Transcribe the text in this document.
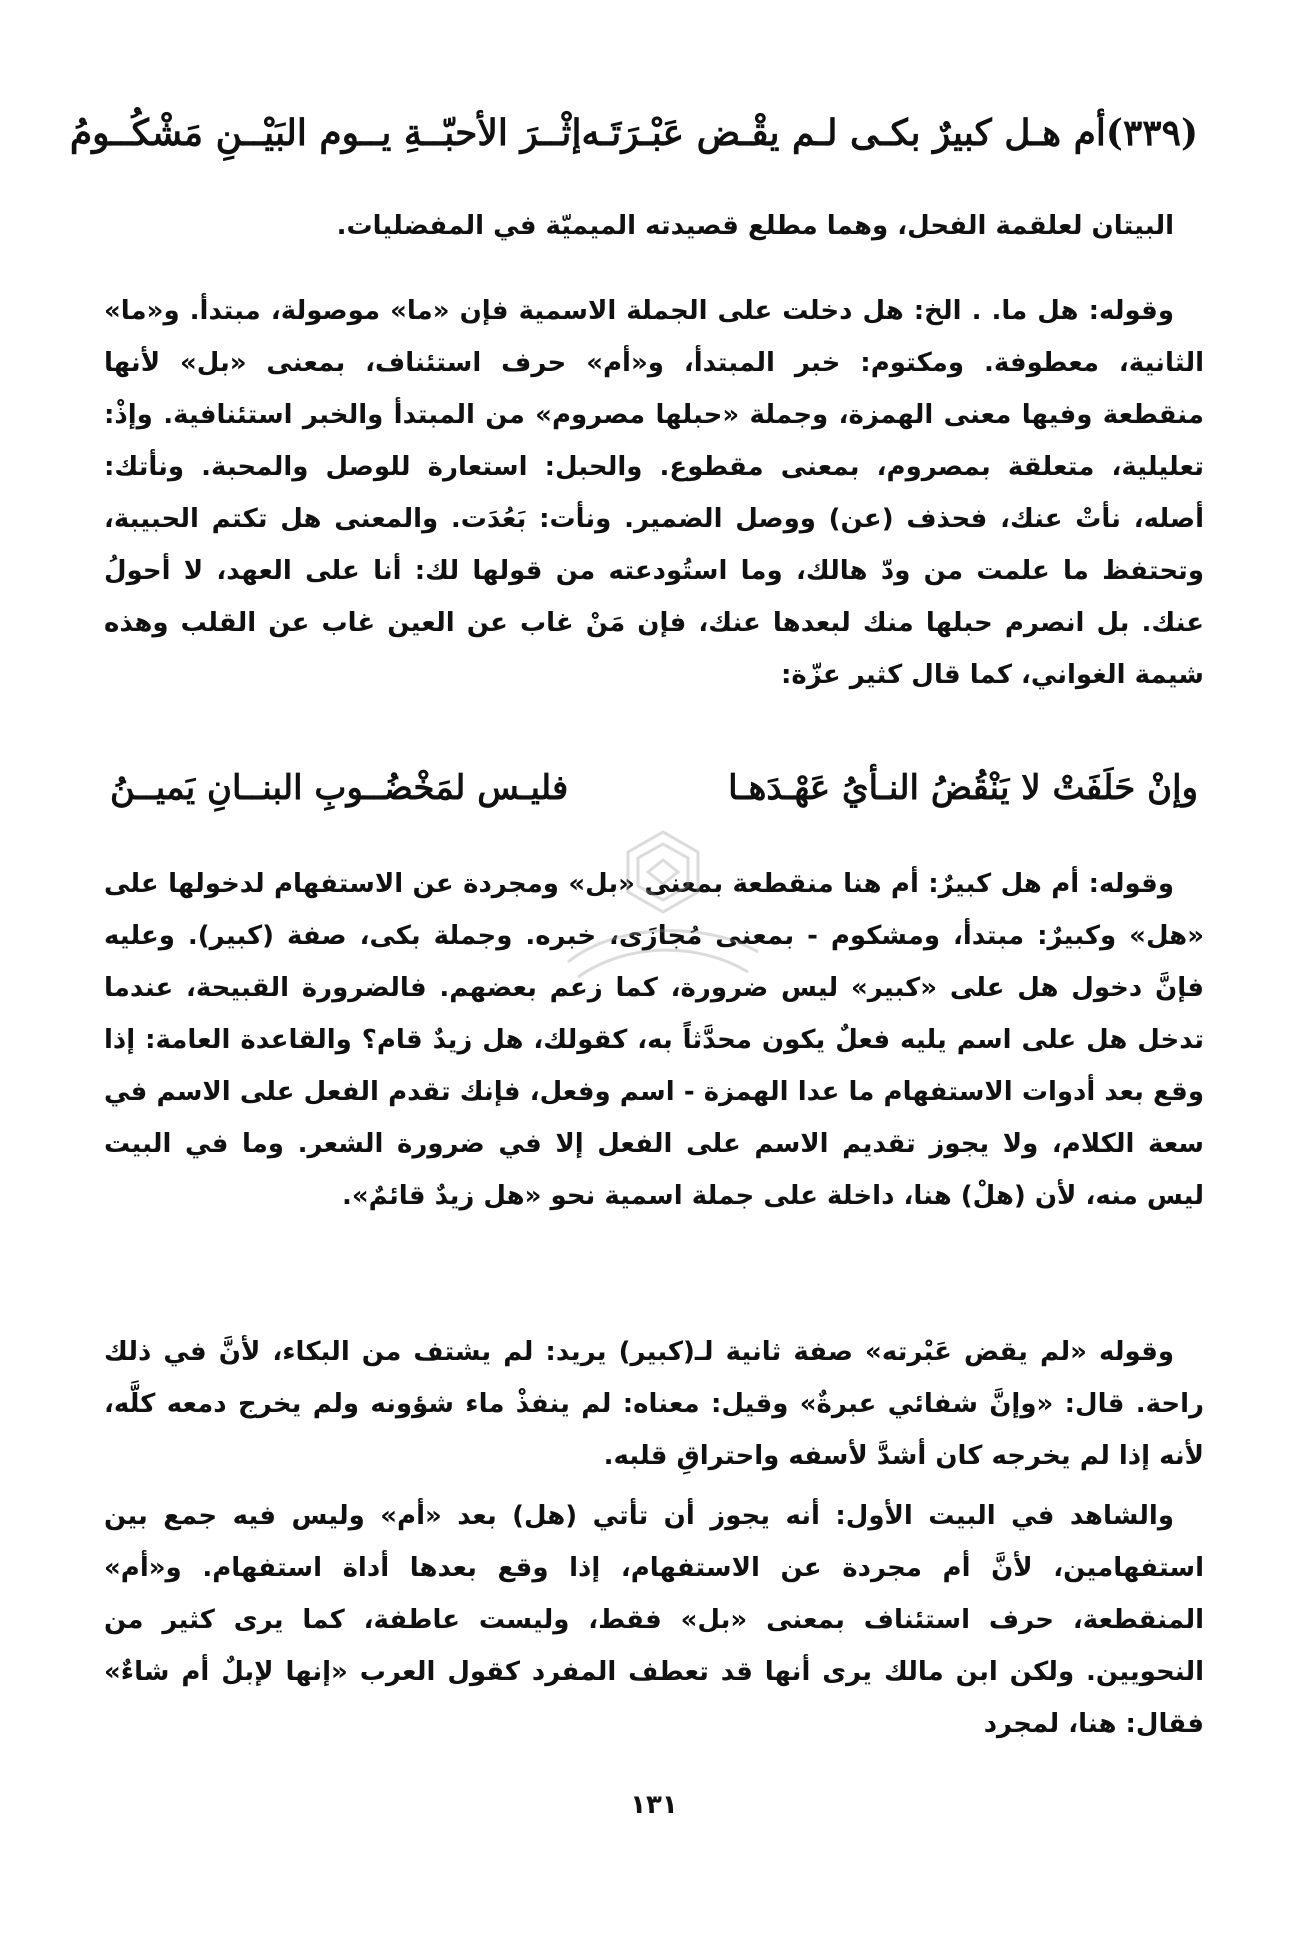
(٣٣٩)أم هـل كبيرٌ بكـى لـم يقْـض عَبْـرَتَـه
إثْــرَ الأحبّــةِ يــوم البَيْــنِ مَشْكُــومُ

البيتان لعلقمة الفحل، وهما مطلع قصيدته الميميّة في المفضليات.

وقوله: هل ما. . الخ: هل دخلت على الجملة الاسمية فإن «ما» موصولة، مبتدأ. و«ما» الثانية، معطوفة. ومكتوم: خبر المبتدأ، و«أم» حرف استئناف، بمعنى «بل» لأنها منقطعة وفيها معنى الهمزة، وجملة «حبلها مصروم» من المبتدأ والخبر استئنافية. وإذْ: تعليلية، متعلقة بمصروم، بمعنى مقطوع. والحبل: استعارة للوصل والمحبة. ونأتك: أصله، نأتْ عنك، فحذف (عن) ووصل الضمير. ونأت: بَعُدَت. والمعنى هل تكتم الحبيبة، وتحتفظ ما علمت من ودّ هالك، وما استُودعته من قولها لك: أنا على العهد، لا أحولُ عنك. بل انصرم حبلها منك لبعدها عنك، فإن مَنْ غاب عن العين غاب عن القلب وهذه شيمة الغواني، كما قال كثير عزّة:

وإنْ حَلَفَتْ لا يَنْقُضُ النـأيُ عَهْـدَهـا
فليـس لمَخْضُــوبِ البنــانِ يَميــنُ

وقوله: أم هل كبيرٌ: أم هنا منقطعة بمعنى «بل» ومجردة عن الاستفهام لدخولها على «هل» وكبيرٌ: مبتدأ، ومشكوم - بمعنى مُجازَى، خبره. وجملة بكى، صفة (كبير). وعليه فإنَّ دخول هل على «كبير» ليس ضرورة، كما زعم بعضهم. فالضرورة القبيحة، عندما تدخل هل على اسم يليه فعلٌ يكون محدَّثاً به، كقولك، هل زيدٌ قام؟ والقاعدة العامة: إذا وقع بعد أدوات الاستفهام ما عدا الهمزة - اسم وفعل، فإنك تقدم الفعل على الاسم في سعة الكلام، ولا يجوز تقديم الاسم على الفعل إلا في ضرورة الشعر. وما في البيت ليس منه، لأن (هلْ) هنا، داخلة على جملة اسمية نحو «هل زيدٌ قائمٌ».

وقوله «لم يقض عَبْرته» صفة ثانية لـ(كبير) يريد: لم يشتف من البكاء، لأنَّ في ذلك راحة. قال: «وإنَّ شفائي عبرةٌ» وقيل: معناه: لم ينفذْ ماء شؤونه ولم يخرج دمعه كلَّه، لأنه إذا لم يخرجه كان أشدَّ لأسفه واحتراقِ قلبه.

والشاهد في البيت الأول: أنه يجوز أن تأتي (هل) بعد «أم» وليس فيه جمع بين استفهامين، لأنَّ أم مجردة عن الاستفهام، إذا وقع بعدها أداة استفهام. و«أم» المنقطعة، حرف استئناف بمعنى «بل» فقط، وليست عاطفة، كما يرى كثير من النحويين. ولكن ابن مالك يرى أنها قد تعطف المفرد كقول العرب «إنها لإبلٌ أم شاءٌ» فقال: هنا، لمجرد

١٣١
